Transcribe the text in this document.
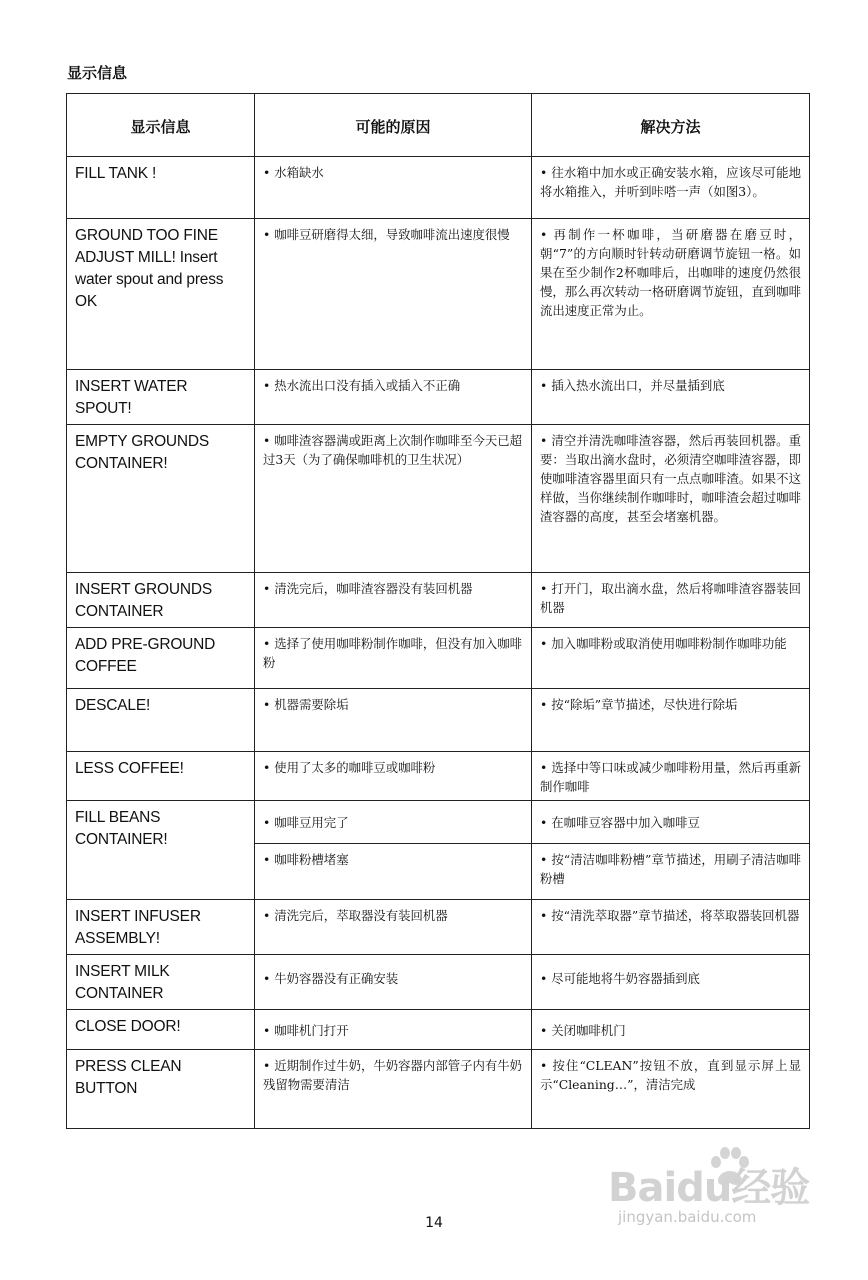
显示信息
显示信息	可能的原因	解决方法
FILL TANK !	• 水箱缺水	• 往水箱中加水或正确安装水箱，应该尽可能地将水箱推入，并听到咔嗒一声（如图3）。
GROUND TOO FINE ADJUST MILL! Insert water spout and press OK	• 咖啡豆研磨得太细，导致咖啡流出速度很慢	• 再制作一杯咖啡，当研磨器在磨豆时，朝“7”的方向顺时针转动研磨调节旋钮一格。如果在至少制作2杯咖啡后，出咖啡的速度仍然很慢，那么再次转动一格研磨调节旋钮，直到咖啡流出速度正常为止。
INSERT WATER SPOUT!	• 热水流出口没有插入或插入不正确	• 插入热水流出口，并尽量插到底
EMPTY GROUNDS CONTAINER!	• 咖啡渣容器满或距离上次制作咖啡至今天已超过3天（为了确保咖啡机的卫生状况）	• 清空并清洗咖啡渣容器，然后再装回机器。重要：当取出滴水盘时，必须清空咖啡渣容器，即使咖啡渣容器里面只有一点点咖啡渣。如果不这样做，当你继续制作咖啡时，咖啡渣会超过咖啡渣容器的高度，甚至会堵塞机器。
INSERT GROUNDS CONTAINER	• 清洗完后，咖啡渣容器没有装回机器	• 打开门，取出滴水盘，然后将咖啡渣容器装回机器
ADD PRE-GROUND COFFEE	• 选择了使用咖啡粉制作咖啡，但没有加入咖啡粉	• 加入咖啡粉或取消使用咖啡粉制作咖啡功能
DESCALE!	• 机器需要除垢	• 按“除垢”章节描述，尽快进行除垢
LESS COFFEE!	• 使用了太多的咖啡豆或咖啡粉	• 选择中等口味或减少咖啡粉用量，然后再重新制作咖啡
FILL BEANS CONTAINER!	• 咖啡豆用完了	• 在咖啡豆容器中加入咖啡豆
	• 咖啡粉槽堵塞	• 按“清洁咖啡粉槽”章节描述，用刷子清洁咖啡粉槽
INSERT INFUSER ASSEMBLY!	• 清洗完后，萃取器没有装回机器	• 按“清洗萃取器”章节描述，将萃取器装回机器
INSERT MILK CONTAINER	• 牛奶容器没有正确安装	• 尽可能地将牛奶容器插到底
CLOSE DOOR!	• 咖啡机门打开	• 关闭咖啡机门
PRESS CLEAN BUTTON	• 近期制作过牛奶，牛奶容器内部管子内有牛奶残留物需要清洁	• 按住“CLEAN”按钮不放，直到显示屏上显示“Cleaning…”，清洁完成
14
Baidu经验
jingyan.baidu.com
